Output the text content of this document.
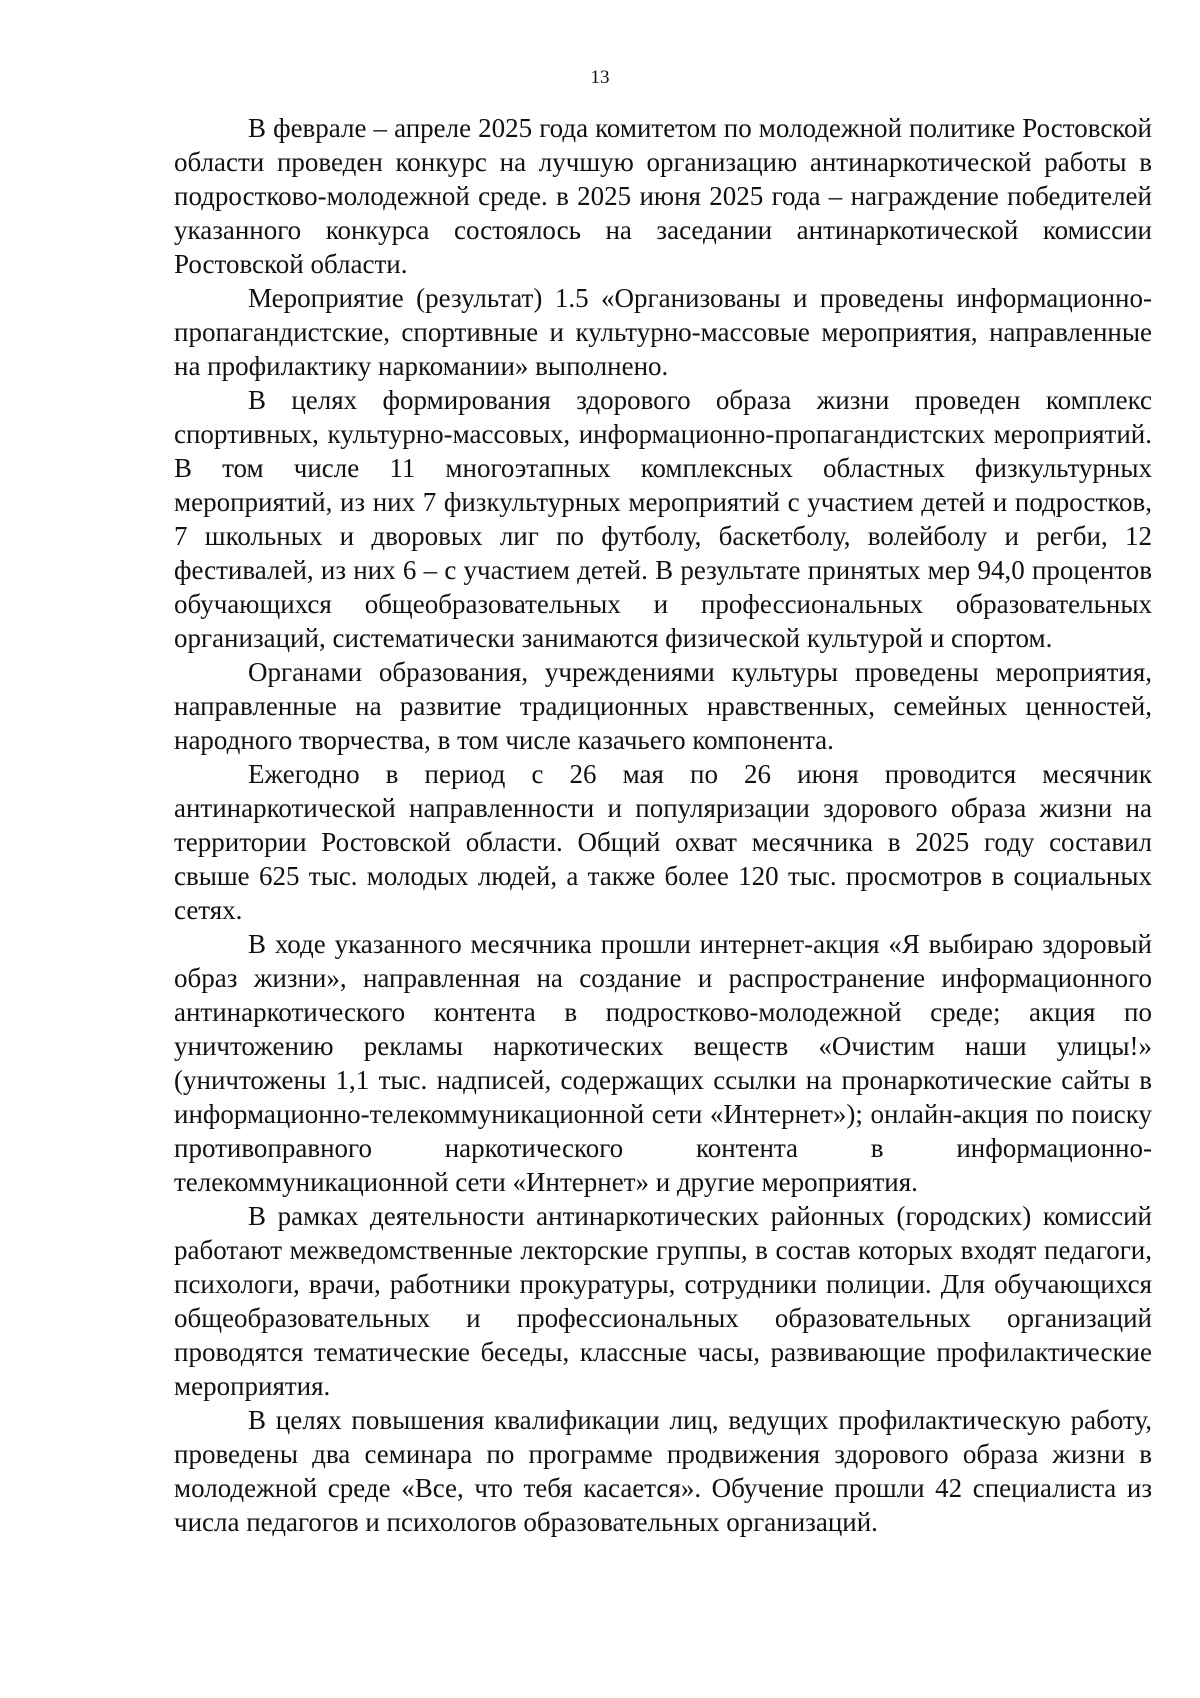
13

В феврале – апреле 2025 года комитетом по молодежной политике Ростовской области проведен конкурс на лучшую организацию антинаркотической работы в подростково-молодежной среде. в 2025 июня 2025 года – награждение победителей указанного конкурса состоялось на заседании антинаркотической комиссии Ростовской области.

Мероприятие (результат) 1.5 «Организованы и проведены информационно-пропагандистские, спортивные и культурно-массовые мероприятия, направленные на профилактику наркомании» выполнено.

В целях формирования здорового образа жизни проведен комплекс спортивных, культурно-массовых, информационно-пропагандистских мероприятий. В том числе 11 многоэтапных комплексных областных физкультурных мероприятий, из них 7 физкультурных мероприятий с участием детей и подростков, 7 школьных и дворовых лиг по футболу, баскетболу, волейболу и регби, 12 фестивалей, из них 6 – с участием детей. В результате принятых мер 94,0 процентов обучающихся общеобразовательных и профессиональных образовательных организаций, систематически занимаются физической культурой и спортом.

Органами образования, учреждениями культуры проведены мероприятия, направленные на развитие традиционных нравственных, семейных ценностей, народного творчества, в том числе казачьего компонента.

Ежегодно в период с 26 мая по 26 июня проводится месячник антинаркотической направленности и популяризации здорового образа жизни на территории Ростовской области. Общий охват месячника в 2025 году составил свыше 625 тыс. молодых людей, а также более 120 тыс. просмотров в социальных сетях.

В ходе указанного месячника прошли интернет-акция «Я выбираю здоровый образ жизни», направленная на создание и распространение информационного антинаркотического контента в подростково-молодежной среде; акция по уничтожению рекламы наркотических веществ «Очистим наши улицы!» (уничтожены 1,1 тыс. надписей, содержащих ссылки на пронаркотические сайты в информационно-телекоммуникационной сети «Интернет»); онлайн-акция по поиску противоправного наркотического контента в информационно-телекоммуникационной сети «Интернет» и другие мероприятия.

В рамках деятельности антинаркотических районных (городских) комиссий работают межведомственные лекторские группы, в состав которых входят педагоги, психологи, врачи, работники прокуратуры, сотрудники полиции. Для обучающихся общеобразовательных и профессиональных образовательных организаций проводятся тематические беседы, классные часы, развивающие профилактические мероприятия.

В целях повышения квалификации лиц, ведущих профилактическую работу, проведены два семинара по программе продвижения здорового образа жизни в молодежной среде «Все, что тебя касается». Обучение прошли 42 специалиста из числа педагогов и психологов образовательных организаций.
